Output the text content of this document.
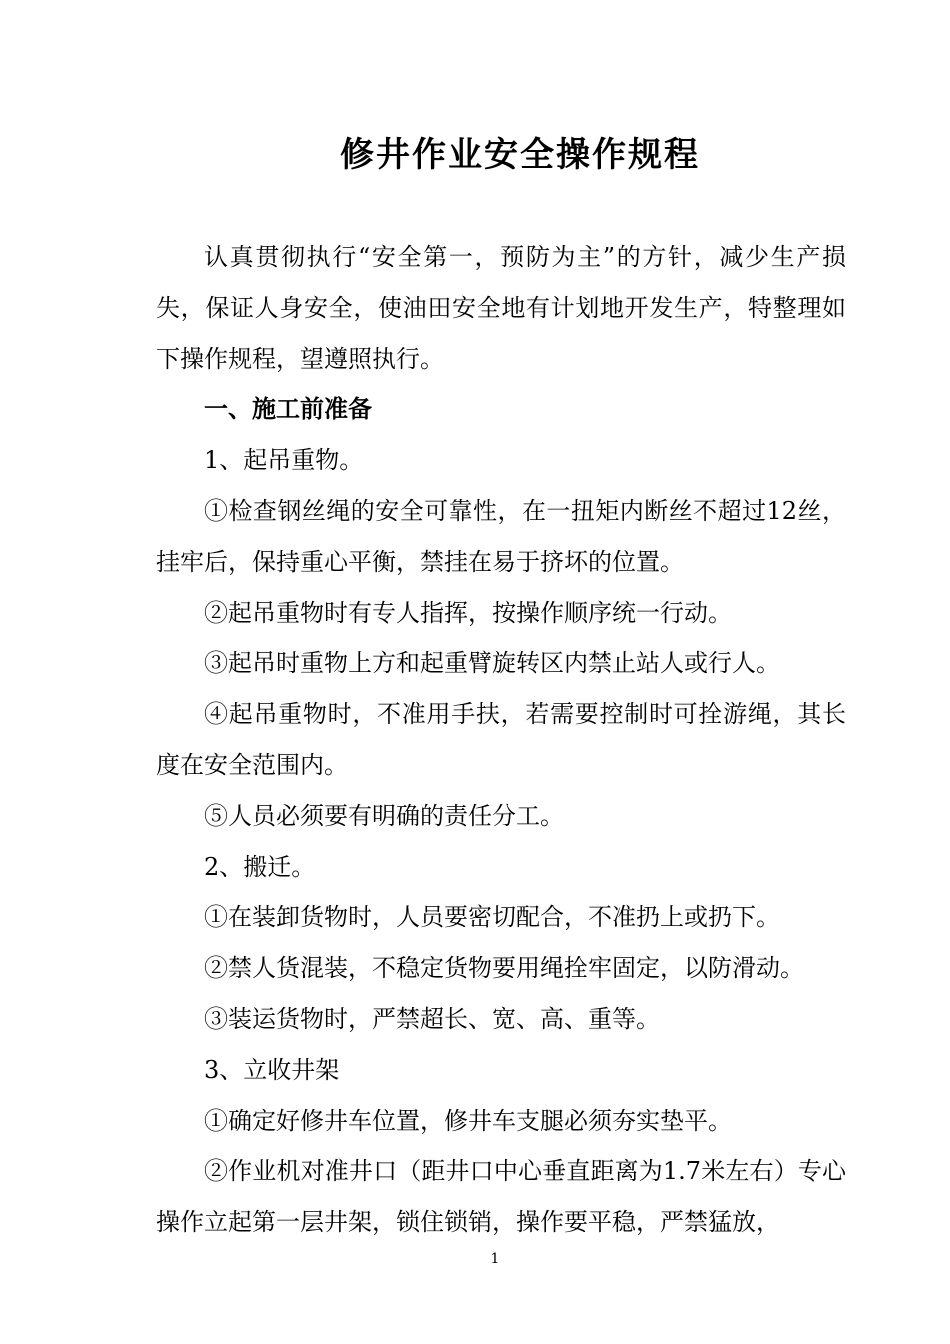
修井作业安全操作规程

认真贯彻执行“安全第一，预防为主”的方针，减少生产损失，保证人身安全，使油田安全地有计划地开发生产，特整理如下操作规程，望遵照执行。

一、施工前准备

1、起吊重物。

①检查钢丝绳的安全可靠性，在一扭矩内断丝不超过12丝，挂牢后，保持重心平衡，禁挂在易于挤坏的位置。

②起吊重物时有专人指挥，按操作顺序统一行动。

③起吊时重物上方和起重臂旋转区内禁止站人或行人。

④起吊重物时，不准用手扶，若需要控制时可拴游绳，其长度在安全范围内。

⑤人员必须要有明确的责任分工。

2、搬迁。

①在装卸货物时，人员要密切配合，不准扔上或扔下。

②禁人货混装，不稳定货物要用绳拴牢固定，以防滑动。

③装运货物时，严禁超长、宽、高、重等。

3、立收井架

①确定好修井车位置，修井车支腿必须夯实垫平。

②作业机对准井口（距井口中心垂直距离为1.7米左右）专心操作立起第一层井架，锁住锁销，操作要平稳，严禁猛放，

1
